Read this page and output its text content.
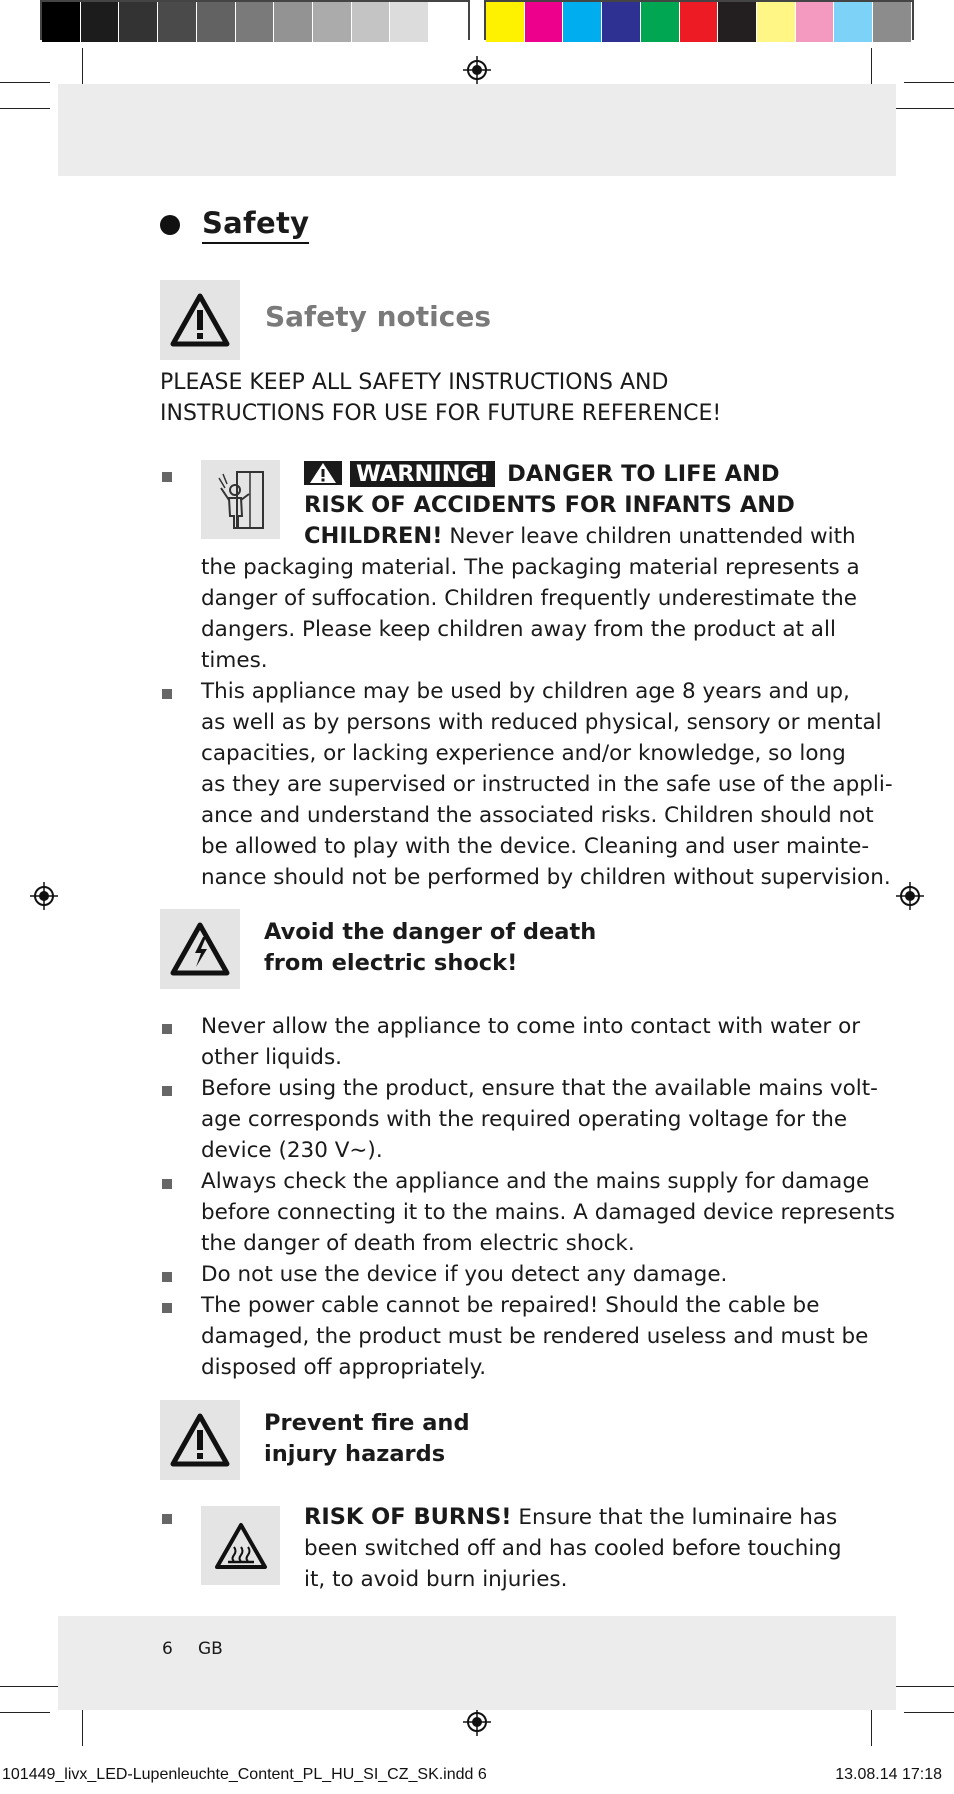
Safety
Safety notices
PLEASE KEEP ALL SAFETY INSTRUCTIONS AND
INSTRUCTIONS FOR USE FOR FUTURE REFERENCE!
WARNING! DANGER TO LIFE AND
RISK OF ACCIDENTS FOR INFANTS AND
CHILDREN! Never leave children unattended with
the packaging material. The packaging material represents a
danger of suffocation. Children frequently underestimate the
dangers. Please keep children away from the product at all
times.
This appliance may be used by children age 8 years and up,
as well as by persons with reduced physical, sensory or mental
capacities, or lacking experience and/or knowledge, so long
as they are supervised or instructed in the safe use of the appli-
ance and understand the associated risks. Children should not
be allowed to play with the device. Cleaning and user mainte-
nance should not be performed by children without supervision.
Avoid the danger of death
from electric shock!
Never allow the appliance to come into contact with water or
other liquids.
Before using the product, ensure that the available mains volt-
age corresponds with the required operating voltage for the
device (230 V∼).
Always check the appliance and the mains supply for damage
before connecting it to the mains. A damaged device represents
the danger of death from electric shock.
Do not use the device if you detect any damage.
The power cable cannot be repaired! Should the cable be
damaged, the product must be rendered useless and must be
disposed off appropriately.
Prevent fire and
injury hazards
RISK OF BURNS! Ensure that the luminaire has
been switched off and has cooled before touching
it, to avoid burn injuries.
6 GB
101449_livx_LED-Lupenleuchte_Content_PL_HU_SI_CZ_SK.indd 6	13.08.14 17:18
